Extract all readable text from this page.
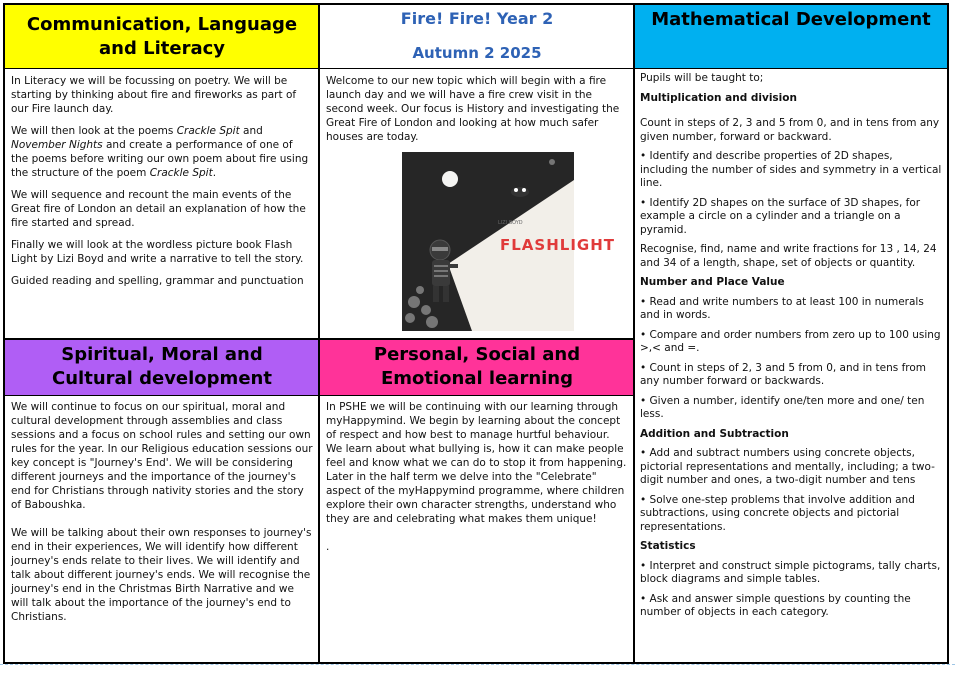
Communication, Language and Literacy
Fire! Fire! Year 2
Autumn 2 2025
Mathematical Development

In Literacy we will be focussing on poetry. We will be starting by thinking about fire and fireworks as part of our Fire launch day.

We will then look at the poems Crackle Spit and November Nights and create a performance of one of the poems before writing our own poem about fire using the structure of the poem Crackle Spit.

We will sequence and recount the main events of the Great fire of London an detail an explanation of how the fire started and spread.

Finally we will look at the wordless picture book Flash Light by Lizi Boyd and write a narrative to tell the story.

Guided reading and spelling, grammar and punctuation

Welcome to our new topic which will begin with a fire launch day and we will have a fire crew visit in the second week. Our focus is History and investigating the Great Fire of London and looking at how much safer houses are today.

FLASHLIGHT
LIZI BOYD

Pupils will be taught to;

Multiplication and division

Count in steps of 2, 3 and 5 from 0, and in tens from any given number, forward or backward.

• Identify and describe properties of 2D shapes, including the number of sides and symmetry in a vertical line.

• Identify 2D shapes on the surface of 3D shapes, for example a circle on a cylinder and a triangle on a pyramid.

Recognise, find, name and write fractions for 13 , 14, 24 and 34 of a length, shape, set of objects or quantity.

Number and Place Value

• Read and write numbers to at least 100 in numerals and in words.

• Compare and order numbers from zero up to 100 using >,< and =.

• Count in steps of 2, 3 and 5 from 0, and in tens from any number forward or backwards.

• Given a number, identify one/ten more and one/ ten less.

Addition and Subtraction

• Add and subtract numbers using concrete objects, pictorial representations and mentally, including; a two-digit number and ones, a two-digit number and tens

• Solve one-step problems that involve addition and subtractions, using concrete objects and pictorial representations.

Statistics

• Interpret and construct simple pictograms, tally charts, block diagrams and simple tables.

• Ask and answer simple questions by counting the number of objects in each category.

Spiritual, Moral and Cultural development
Personal, Social and Emotional learning

We will continue to focus on our spiritual, moral and cultural development through assemblies and class sessions and a focus on school rules and setting our own rules for the year. In our Religious education sessions our key concept is "Journey's End'. We will be considering different journeys and the importance of the journey's end for Christians through nativity stories and the story of Baboushka.

We will be talking about their own responses to journey's end in their experiences, We will identify how different journey's ends relate to their lives. We will identify and talk about different journey's ends. We will recognise the journey's end in the Christmas Birth Narrative and we will talk about the importance of the journey's end to Christians.

In PSHE we will be continuing with our learning through myHappymind. We begin by learning about the concept of respect and how best to manage hurtful behaviour. We learn about what bullying is, how it can make people feel and know what we can do to stop it from happening. Later in the half term we delve into the "Celebrate" aspect of the myHappymind programme, where children explore their own character strengths, understand who they are and celebrating what makes them unique!

.
